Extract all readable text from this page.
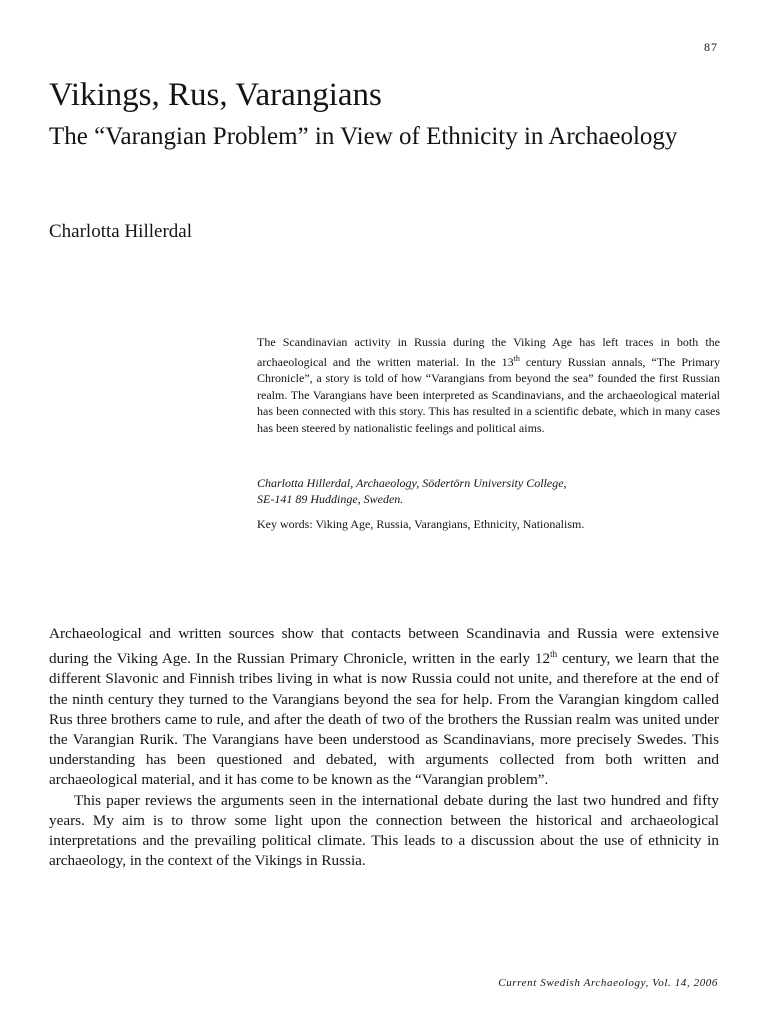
87
Vikings, Rus, Varangians
The “Varangian Problem” in View of Ethnicity in Archaeology
Charlotta Hillerdal

The Scandinavian activity in Russia during the Viking Age has left traces in both the archaeological and the written material. In the 13th century Russian annals, “The Primary Chronicle”, a story is told of how “Varangians from beyond the sea” founded the first Russian realm. The Varangians have been interpreted as Scandinavians, and the archaeological material has been connected with this story. This has resulted in a scientific debate, which in many cases has been steered by nationalistic feelings and political aims.

Charlotta Hillerdal, Archaeology, Södertörn University College,
SE-141 89 Huddinge, Sweden.
Key words: Viking Age, Russia, Varangians, Ethnicity, Nationalism.

Archaeological and written sources show that contacts between Scandinavia and Russia were extensive during the Viking Age. In the Russian Primary Chronicle, written in the early 12th century, we learn that the different Slavonic and Finnish tribes living in what is now Russia could not unite, and therefore at the end of the ninth century they turned to the Varangians beyond the sea for help. From the Varangian kingdom called Rus three brothers came to rule, and after the death of two of the brothers the Russian realm was united under the Varangian Rurik. The Varangians have been understood as Scandinavians, more precisely Swedes. This understanding has been questioned and debated, with arguments collected from both written and archaeological material, and it has come to be known as the “Varangian problem”.

This paper reviews the arguments seen in the international debate during the last two hundred and fifty years. My aim is to throw some light upon the connection between the historical and archaeological interpretations and the prevailing political climate. This leads to a discussion about the use of ethnicity in archaeology, in the context of the Vikings in Russia.

Current Swedish Archaeology, Vol. 14, 2006
